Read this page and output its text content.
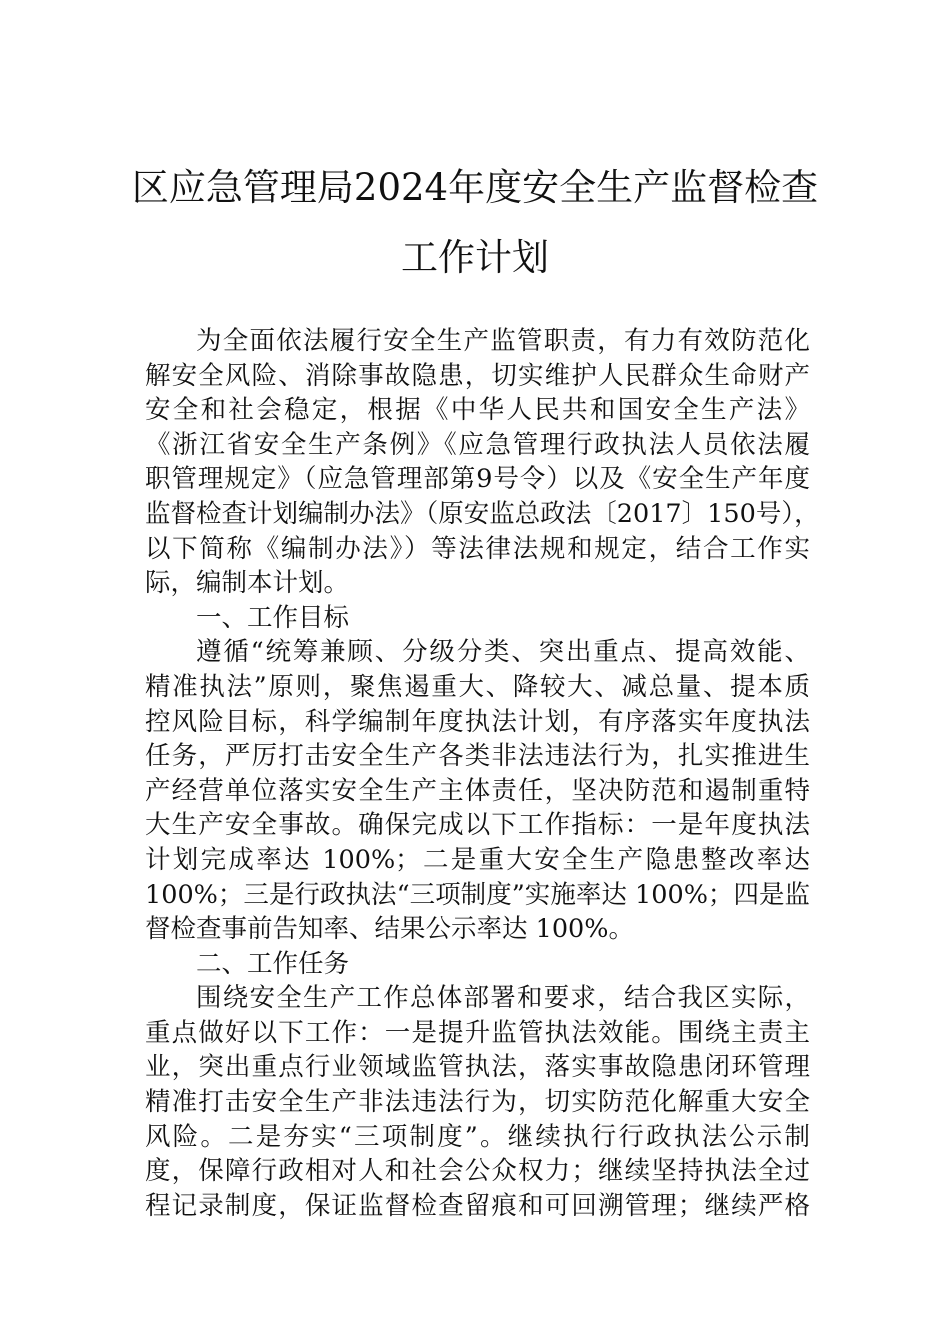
区应急管理局2024年度安全生产监督检查
工作计划
为全面依法履行安全生产监管职责，有力有效防范化
解安全风险、消除事故隐患，切实维护人民群众生命财产
安全和社会稳定，根据《中华人民共和国安全生产法》
《浙江省安全生产条例》《应急管理行政执法人员依法履
职管理规定》（应急管理部第9号令）以及《安全生产年度
监督检查计划编制办法》（原安监总政法〔2017〕150号），
以下简称《编制办法》）等法律法规和规定，结合工作实
际，编制本计划。
一、工作目标
遵循“统筹兼顾、分级分类、突出重点、提高效能、
精准执法”原则，聚焦遏重大、降较大、减总量、提本质
控风险目标，科学编制年度执法计划，有序落实年度执法
任务，严厉打击安全生产各类非法违法行为，扎实推进生
产经营单位落实安全生产主体责任，坚决防范和遏制重特
大生产安全事故。确保完成以下工作指标：一是年度执法
计划完成率达 100%；二是重大安全生产隐患整改率达
100%；三是行政执法“三项制度”实施率达 100%；四是监
督检查事前告知率、结果公示率达 100%。
二、工作任务
围绕安全生产工作总体部署和要求，结合我区实际，
重点做好以下工作：一是提升监管执法效能。围绕主责主
业，突出重点行业领域监管执法，落实事故隐患闭环管理
精准打击安全生产非法违法行为，切实防范化解重大安全
风险。二是夯实“三项制度”。继续执行行政执法公示制
度，保障行政相对人和社会公众权力；继续坚持执法全过
程记录制度，保证监督检查留痕和可回溯管理；继续严格
